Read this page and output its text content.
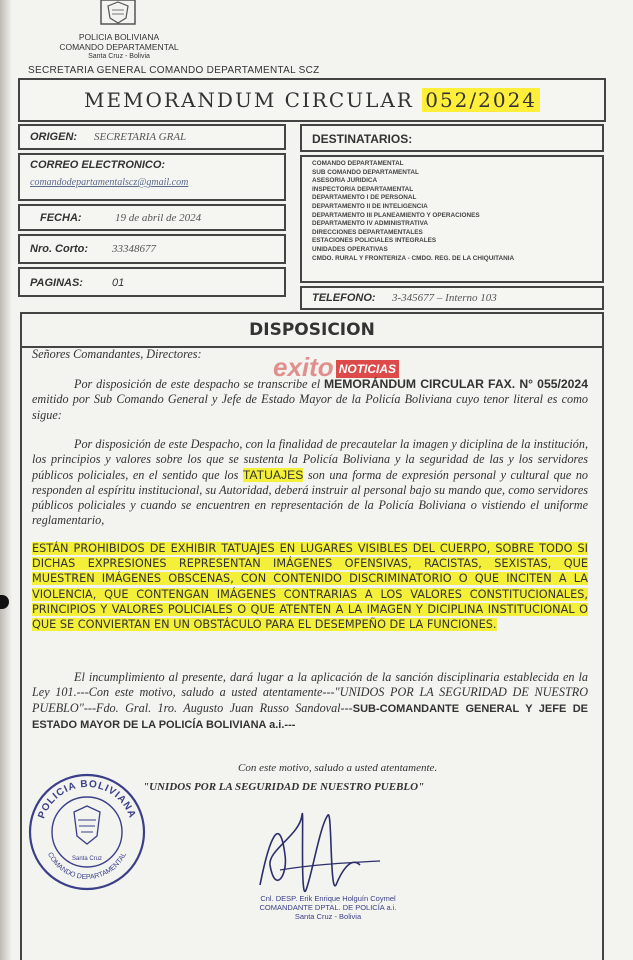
POLICIA BOLIVIANA
COMANDO DEPARTAMENTAL
Santa Cruz - Bolivia
SECRETARIA GENERAL COMANDO DEPARTAMENTAL SCZ
MEMORANDUM CIRCULAR 052/2024
ORIGEN: SECRETARIA GRAL
CORREO ELECTRONICO:
comandodepartamentalscz@gmail.com
FECHA:	19 de abril de 2024
Nro. Corto: 33348677
PAGINAS:	01
DESTINATARIOS:
COMANDO DEPARTAMENTAL
SUB COMANDO DEPARTAMENTAL
ASESORIA JURIDICA
INSPECTORIA DEPARTAMENTAL
DEPARTAMENTO I DE PERSONAL
DEPARTAMENTO II DE INTELIGENCIA
DEPARTAMENTO III PLANEAMIENTO Y OPERACIONES
DEPARTAMENTO IV ADMINISTRATIVA
DIRECCIONES DEPARTAMENTALES
ESTACIONES POLICIALES INTEGRALES
UNIDADES OPERATIVAS
CMDO. RURAL Y FRONTERIZA - CMDO. REG. DE LA CHIQUITANIA
TELEFONO: 3-345677 – Interno 103
DISPOSICION
Señores Comandantes, Directores:	exito NOTICIAS
Por disposición de este despacho se transcribe el MEMORÁNDUM CIRCULAR FAX. N° 055/2024 emitido por Sub Comando General y Jefe de Estado Mayor de la Policía Boliviana cuyo tenor literal es como sigue:
Por disposición de este Despacho, con la finalidad de precautelar la imagen y diciplina de la institución, los principios y valores sobre los que se sustenta la Policía Boliviana y la seguridad de las y los servidores públicos policiales, en el sentido que los TATUAJES son una forma de expresión personal y cultural que no responden al espíritu institucional, su Autoridad, deberá instruir al personal bajo su mando que, como servidores públicos policiales y cuando se encuentren en representación de la Policía Boliviana o vistiendo el uniforme reglamentario,
ESTÁN PROHIBIDOS DE EXHIBIR TATUAJES EN LUGARES VISIBLES DEL CUERPO, SOBRE TODO SI DICHAS EXPRESIONES REPRESENTAN IMÁGENES OFENSIVAS, RACISTAS, SEXISTAS, QUE MUESTREN IMÁGENES OBSCENAS, CON CONTENIDO DISCRIMINATORIO O QUE INCITEN A LA VIOLENCIA, QUE CONTENGAN IMÁGENES CONTRARIAS A LOS VALORES CONSTITUCIONALES, PRINCIPIOS Y VALORES POLICIALES O QUE ATENTEN A LA IMAGEN Y DICIPLINA INSTITUCIONAL O QUE SE CONVIERTAN EN UN OBSTÁCULO PARA EL DESEMPEÑO DE LA FUNCIONES.
El incumplimiento al presente, dará lugar a la aplicación de la sanción disciplinaria establecida en la Ley 101.---Con este motivo, saludo a usted atentamente---"UNIDOS POR LA SEGURIDAD DE NUESTRO PUEBLO"---Fdo. Gral. 1ro. Augusto Juan Russo Sandoval---SUB-COMANDANTE GENERAL Y JEFE DE ESTADO MAYOR DE LA POLICÍA BOLIVIANA a.i.---
Con este motivo, saludo a usted atentamente.
"UNIDOS POR LA SEGURIDAD DE NUESTRO PUEBLO"
POLICIA BOLIVIANA
COMANDO DEPARTAMENTAL
Santa Cruz
Cnl. DESP. Erik Enrique Holguín Coymel
COMANDANTE DPTAL. DE POLICÍA a.i.
Santa Cruz - Bolivia
